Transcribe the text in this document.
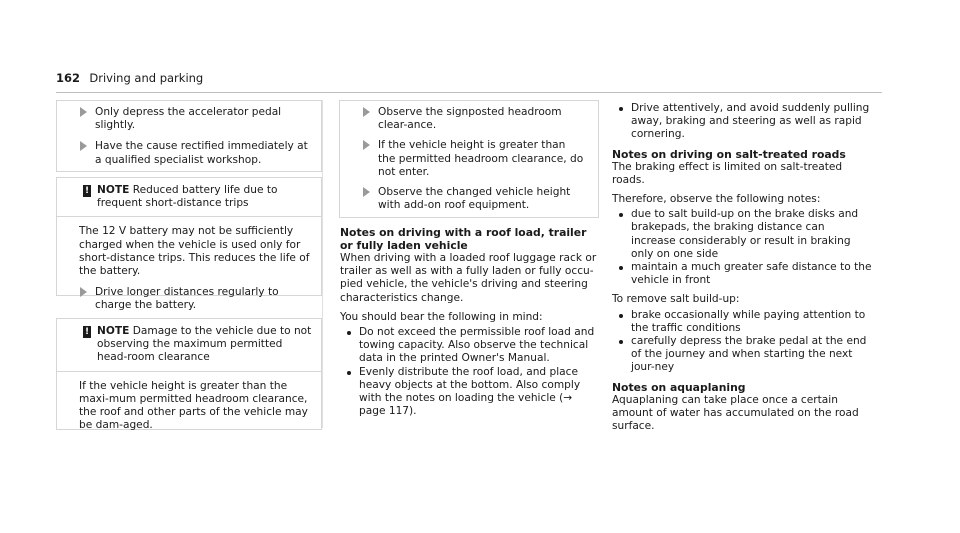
162 Driving and parking
Only depress the accelerator pedal slightly.
Have the cause rectified immediately at a qualified specialist workshop.
! NOTE Reduced battery life due to frequent short-distance trips
The 12 V battery may not be sufficiently charged when the vehicle is used only for short-distance trips. This reduces the life of the battery.
Drive longer distances regularly to charge the battery.
! NOTE Damage to the vehicle due to not observing the maximum permitted head-room clearance
If the vehicle height is greater than the maxi-mum permitted headroom clearance, the roof and other parts of the vehicle may be dam-aged.
Observe the signposted headroom clear-ance.
If the vehicle height is greater than the permitted headroom clearance, do not enter.
Observe the changed vehicle height with add-on roof equipment.
Notes on driving with a roof load, trailer or fully laden vehicle

When driving with a loaded roof luggage rack or trailer as well as with a fully laden or fully occu-pied vehicle, the vehicle's driving and steering characteristics change.

You should bear the following in mind:

Do not exceed the permissible roof load and towing capacity. Also observe the technical data in the printed Owner's Manual.
Evenly distribute the roof load, and place heavy objects at the bottom. Also comply with the notes on loading the vehicle (→ page 117).
Drive attentively, and avoid suddenly pulling away, braking and steering as well as rapid cornering.
Notes on driving on salt-treated roads

The braking effect is limited on salt-treated roads.

Therefore, observe the following notes:

due to salt build-up on the brake disks and brakepads, the braking distance can increase considerably or result in braking only on one side
maintain a much greater safe distance to the vehicle in front

To remove salt build-up:

brake occasionally while paying attention to the traffic conditions
carefully depress the brake pedal at the end of the journey and when starting the next jour-ney
Notes on aquaplaning

Aquaplaning can take place once a certain amount of water has accumulated on the road surface.
